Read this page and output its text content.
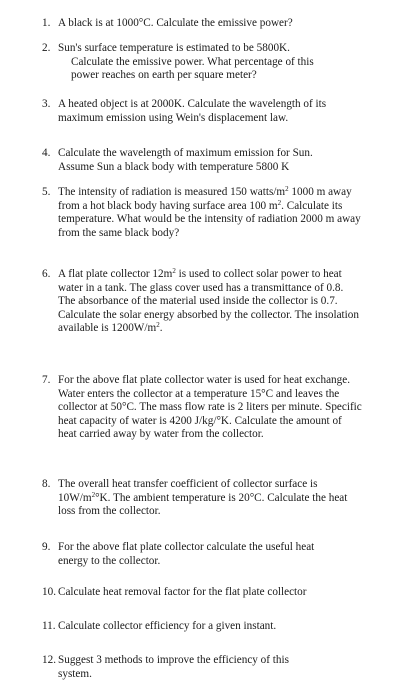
1. A black is at 1000°C. Calculate the emissive power?
2. Sun's surface temperature is estimated to be 5800K.

Calculate the emissive power. What percentage of this

power reaches on earth per square meter?

3. A heated object is at 2000K. Calculate the wavelength of its

maximum emission using Wein's displacement law.

4. Calculate the wavelength of maximum emission for Sun.

Assume Sun a black body with temperature 5800 K

5. The intensity of radiation is measured 150 watts/$m^2$ 1000 m away from a hot black body having surface area 100 $m^2$. Calculate its temperature. What would be the intensity of radiation 2000 m away from the same black body?
6. A flat plate collector $12m^2$ is used to collect solar power to heat water in a tank. The glass cover used has a transmittance of 0.8. The absorbance of the material used inside the collector is 0.7. Calculate the solar energy absorbed by the collector. The insolation available is $1200W/m^2$.
7. For the above flat plate collector water is used for heat exchange. Water enters the collector at a temperature 15°C and leaves the collector at 50°C. The mass flow rate is 2 liters per minute. Specific heat capacity of water is 4200 J/kg/°K. Calculate the amount of heat carried away by water from the collector.
8. The overall heat transfer coefficient of collector surface is $10W/m^2^\circ K$. The ambient temperature is 20°C. Calculate the heat loss from the collector.
9. For the above flat plate collector calculate the useful heat

energy to the collector.

10. Calculate heat removal factor for the flat plate collector
11. Calculate collector efficiency for a given instant.
12. Suggest 3 methods to improve the efficiency of this

system.
